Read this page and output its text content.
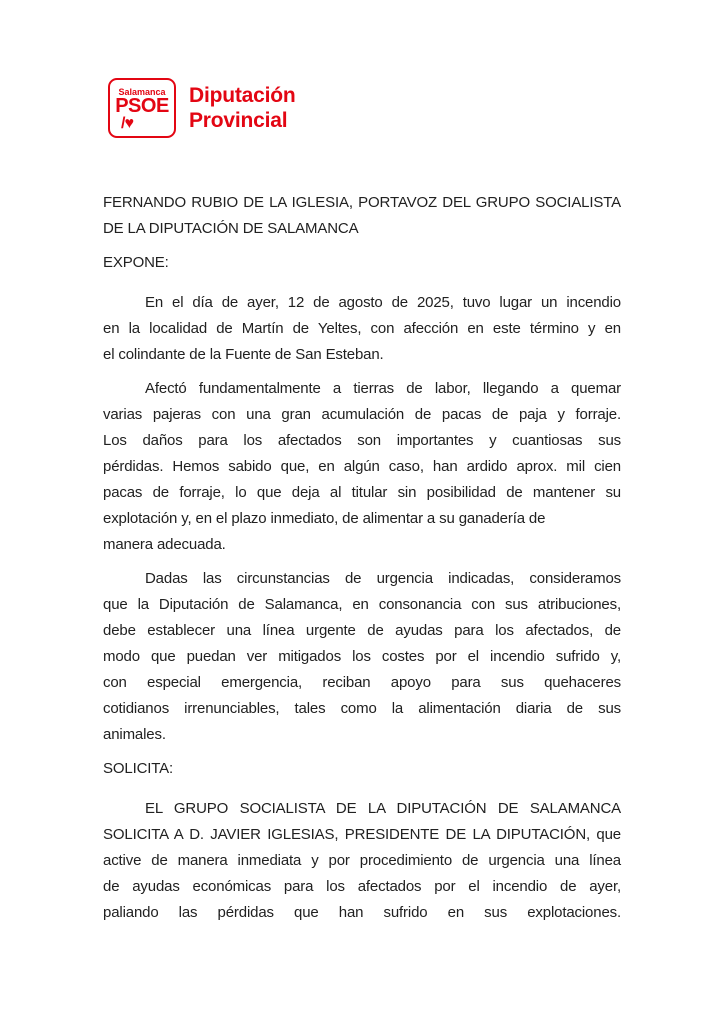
Salamanca
PSOE
/♥
Diputación
Provincial
FERNANDO RUBIO DE LA IGLESIA, PORTAVOZ DEL GRUPO SOCIALISTA
DE LA DIPUTACIÓN DE SALAMANCA
EXPONE:
En el día de ayer, 12 de agosto de 2025, tuvo lugar un incendio
en la localidad de Martín de Yeltes, con afección en este término y en
el colindante de la Fuente de San Esteban.
Afectó fundamentalmente a tierras de labor, llegando a quemar
varias pajeras con una gran acumulación de pacas de paja y forraje.
Los daños para los afectados son importantes y cuantiosas sus
pérdidas. Hemos sabido que, en algún caso, han ardido aprox. mil cien
pacas de forraje, lo que deja al titular sin posibilidad de mantener su
explotación y, en el plazo inmediato, de alimentar a su ganadería de
manera adecuada.
Dadas las circunstancias de urgencia indicadas, consideramos
que la Diputación de Salamanca, en consonancia con sus atribuciones,
debe establecer una línea urgente de ayudas para los afectados, de
modo que puedan ver mitigados los costes por el incendio sufrido y,
con especial emergencia, reciban apoyo para sus quehaceres
cotidianos irrenunciables, tales como la alimentación diaria de sus
animales.
SOLICITA:
EL GRUPO SOCIALISTA DE LA DIPUTACIÓN DE SALAMANCA
SOLICITA A D. JAVIER IGLESIAS, PRESIDENTE DE LA DIPUTACIÓN, que
active de manera inmediata y por procedimiento de urgencia una línea
de ayudas económicas para los afectados por el incendio de ayer,
paliando las pérdidas que han sufrido en sus explotaciones.
